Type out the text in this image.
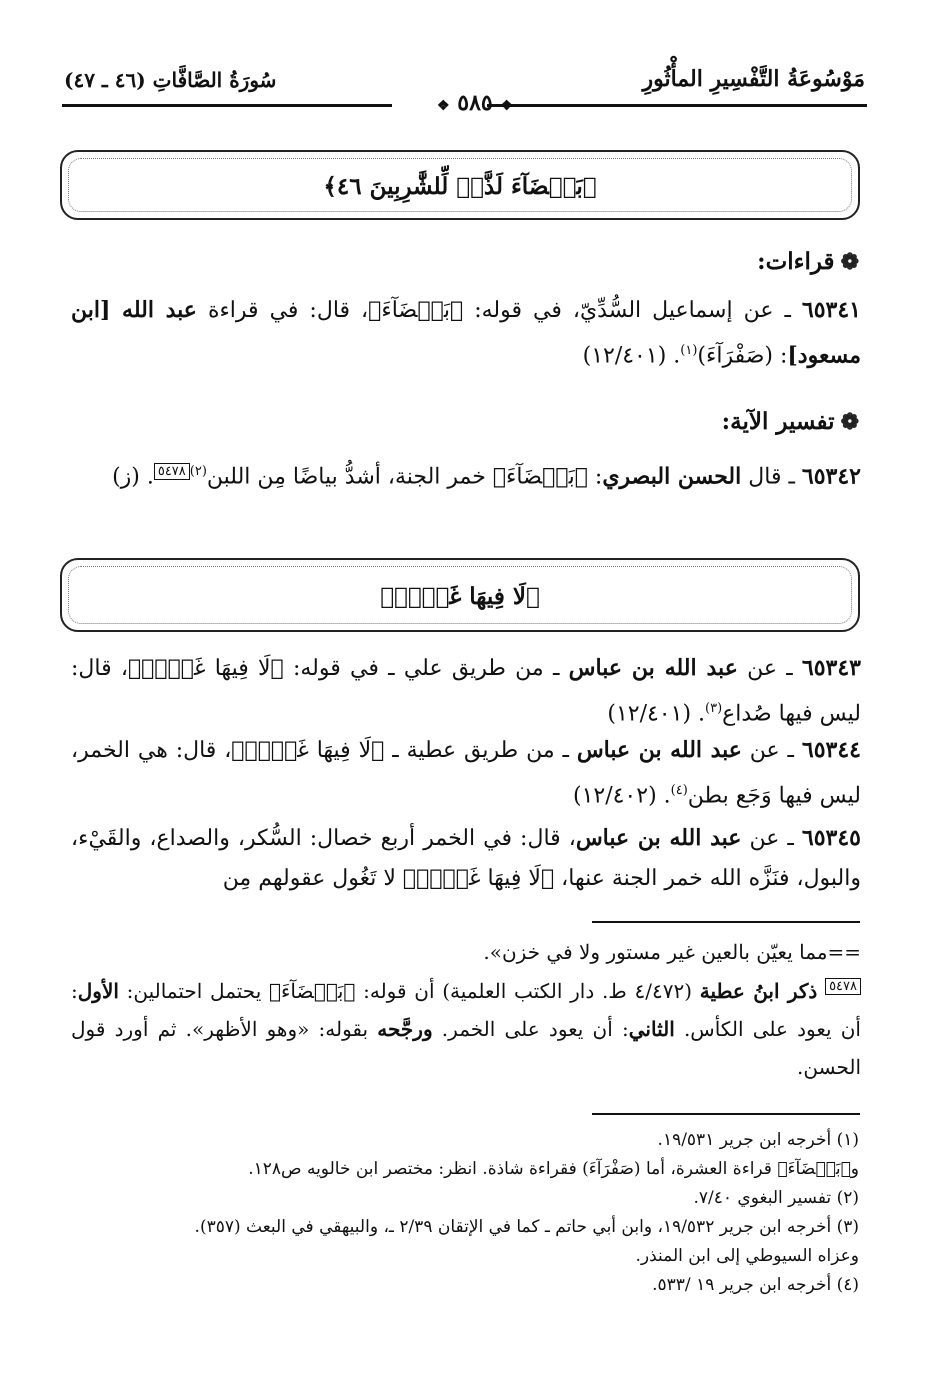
مَوْسُوعَةُ التَّفْسِيرِ المأْثُورِ
سُورَةُ الصَّافَّاتِ (٤٦ ـ ٤٧)
❖ ٥٨٥ ❖
﴿بَيۡضَآءَ لَذَّةٖ لِّلشَّٰرِبِينَ ٤٦﴾
❁قراءات:
٦٥٣٤١ ـ عن إسماعيل السُّدِّيّ، في قوله: ﴿بَيۡضَآءَ﴾، قال: في قراءة عبد الله [ابن مسعود]: (صَفْرَآءَ)$^{(١)}$. (١٢/٤٠١)
❁تفسير الآية:
٦٥٣٤٢ ـ قال الحسن البصري: ﴿بَيۡضَآءَ﴾ خمر الجنة، أشدُّ بياضًا مِن اللبن$^{(٢)}$٥٤٧٨. (ز)
﴿لَا فِيهَا غَوۡلٞ﴾
٦٥٣٤٣ ـ عن عبد الله بن عباس ـ من طريق علي ـ في قوله: ﴿لَا فِيهَا غَوۡلٞ﴾، قال: ليس فيها صُداع$^{(٣)}$. (١٢/٤٠١)
٦٥٣٤٤ ـ عن عبد الله بن عباس ـ من طريق عطية ـ ﴿لَا فِيهَا غَوۡلٞ﴾، قال: هي الخمر، ليس فيها وَجَع بطن$^{(٤)}$. (١٢/٤٠٢)
٦٥٣٤٥ ـ عن عبد الله بن عباس، قال: في الخمر أربع خصال: السُّكر، والصداع، والقَيْء، والبول، فنَزَّه الله خمر الجنة عنها، ﴿لَا فِيهَا غَوۡلٞ﴾ لا تَغُول عقولهم مِن
==مما يعيّن بالعين غير مستور ولا في خزن».
٥٤٧٨ ذكر ابنُ عطية (٤/٤٧٢ ط. دار الكتب العلمية) أن قوله: ﴿بَيۡضَآءَ﴾ يحتمل احتمالين: الأول: أن يعود على الكأس. الثاني: أن يعود على الخمر. ورجَّحه بقوله: «وهو الأظهر». ثم أورد قول الحسن.
(١) أخرجه ابن جرير ١٩/٥٣١.
و﴿بَيۡضَآءَ﴾ قراءة العشرة، أما (صَفْرَآءَ) فقراءة شاذة. انظر: مختصر ابن خالويه ص١٢٨.
(٢) تفسير البغوي ٧/٤٠.
(٣) أخرجه ابن جرير ١٩/٥٣٢، وابن أبي حاتم ـ كما في الإتقان ٢/٣٩ ـ، والبيهقي في البعث (٣٥٧).
وعزاه السيوطي إلى ابن المنذر.
(٤) أخرجه ابن جرير ١٩ /٥٣٣.
